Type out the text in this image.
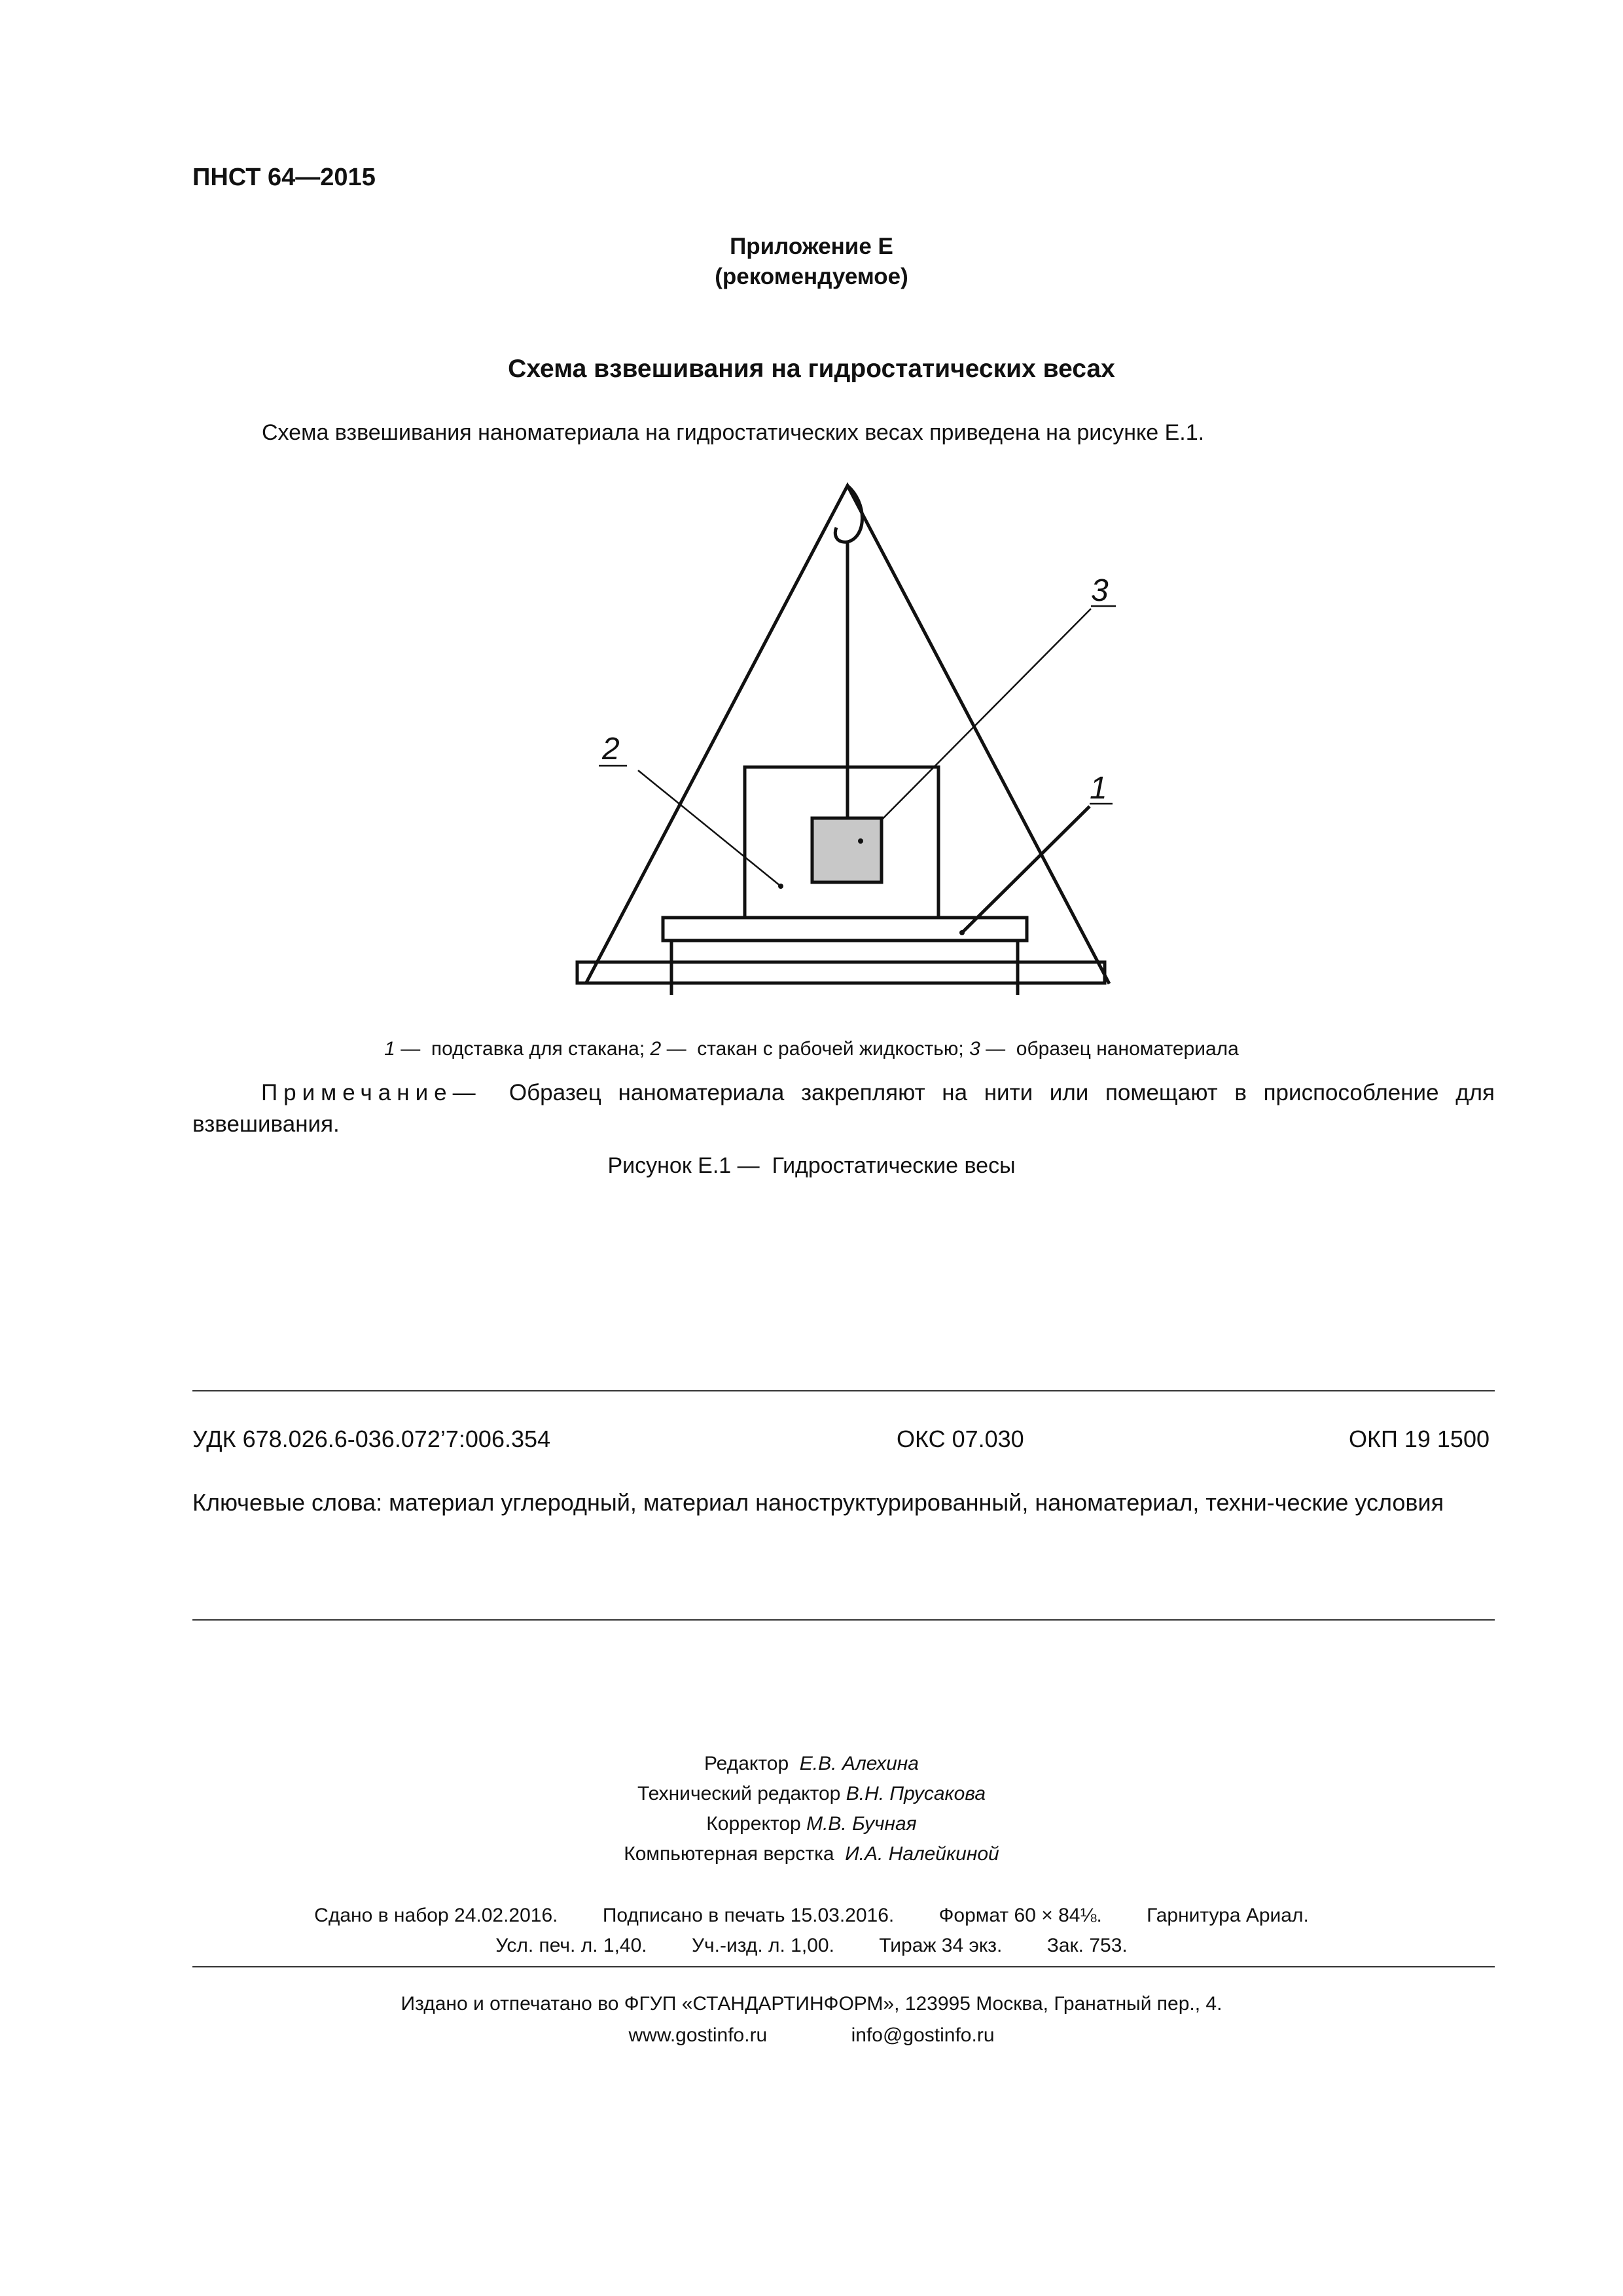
ПНСТ 64—2015
Приложение Е
(рекомендуемое)
Схема взвешивания на гидростатических весах
Схема взвешивания наноматериала на гидростатических весах приведена на рисунке Е.1.
1
2
3
1 — подставка для стакана; 2 — стакан с рабочей жидкостью; 3 — образец наноматериала
Примечание— Образец наноматериала закрепляют на нити или помещают в приспособление для взвешивания.
Рисунок Е.1 — Гидростатические весы
УДК 678.026.6-036.072’7:006.354	ОКС 07.030	ОКП 19 1500
Ключевые слова: материал углеродный, материал наноструктурированный, наноматериал, техни-ческие условия
Редактор Е.В. Алехина
Технический редактор В.Н. Прусакова
Корректор М.В. Бучная
Компьютерная верстка И.А. Налейкиной
Сдано в набор 24.02.2016. Подписано в печать 15.03.2016. Формат 60 × 84⅛. Гарнитура Ариал.
Усл. печ. л. 1,40. Уч.-изд. л. 1,00. Тираж 34 экз. Зак. 753.
Издано и отпечатано во ФГУП «СТАНДАРТИНФОРМ», 123995 Москва, Гранатный пер., 4.
www.gostinfo.ru	info@gostinfo.ru
